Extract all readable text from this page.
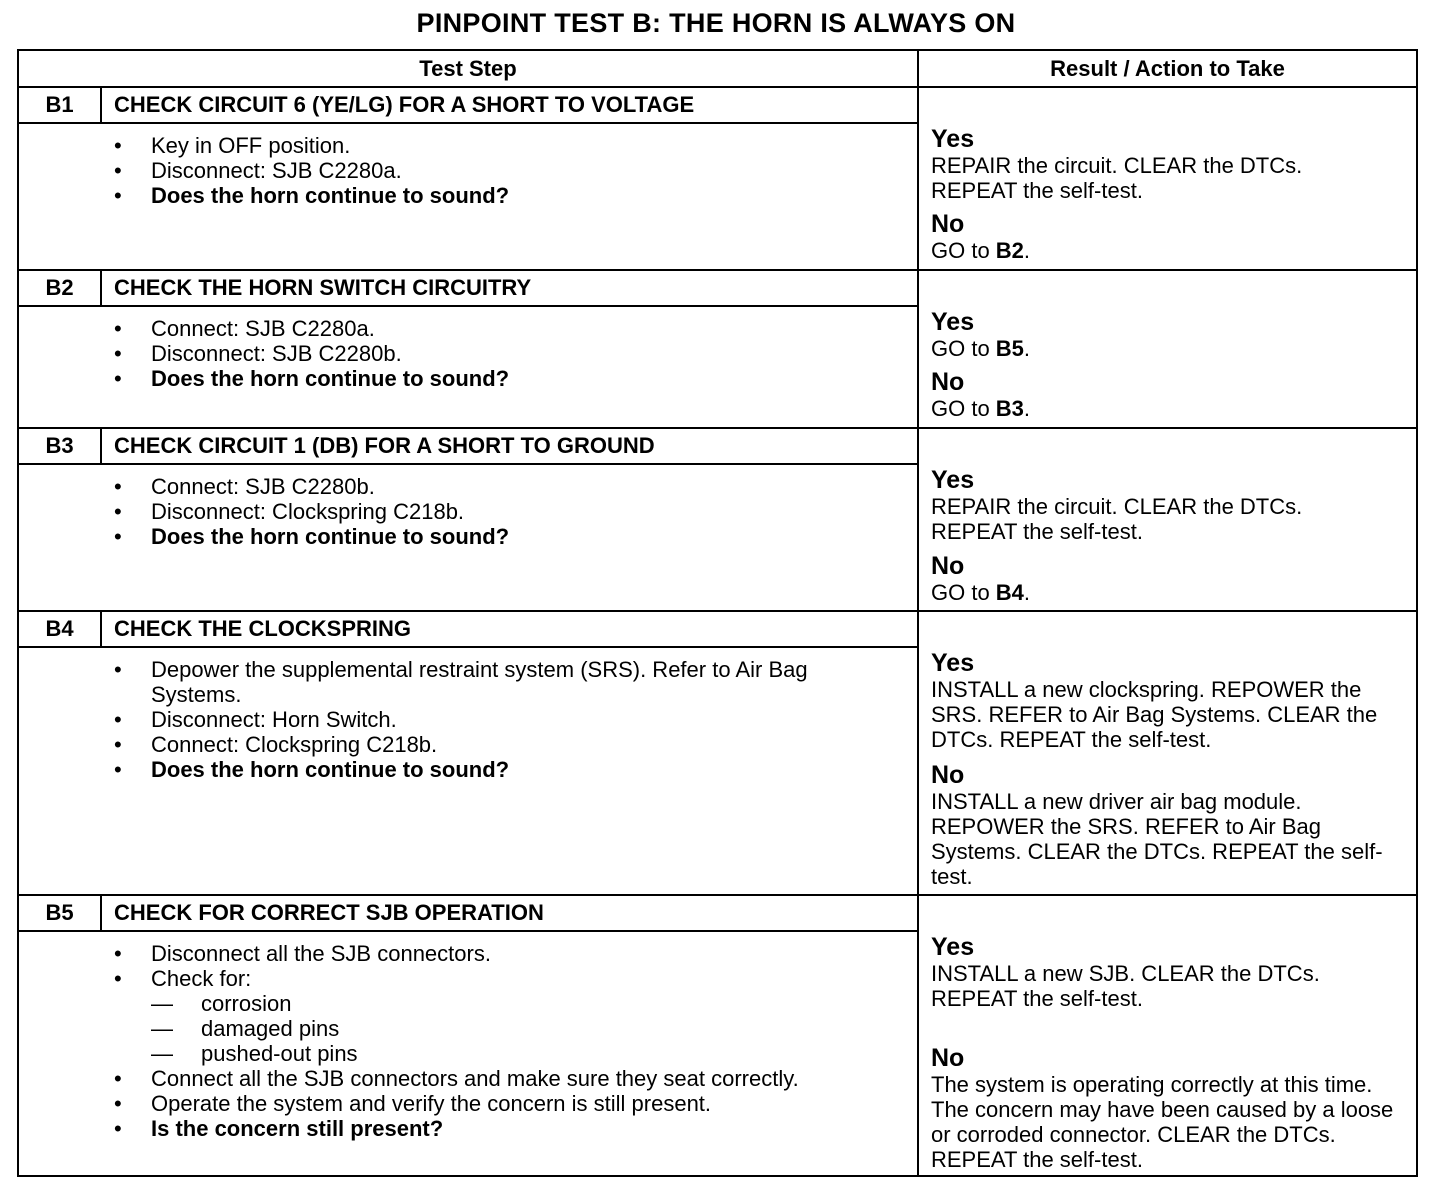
PINPOINT TEST B: THE HORN IS ALWAYS ON
Test Step	Result / Action to Take
B1	CHECK CIRCUIT 6 (YE/LG) FOR A SHORT TO VOLTAGE
• Key in OFF position.
• Disconnect: SJB C2280a.
• Does the horn continue to sound?
Yes
REPAIR the circuit. CLEAR the DTCs. REPEAT the self-test.
No
GO to B2.
B2	CHECK THE HORN SWITCH CIRCUITRY
• Connect: SJB C2280a.
• Disconnect: SJB C2280b.
• Does the horn continue to sound?
Yes
GO to B5.
No
GO to B3.
B3	CHECK CIRCUIT 1 (DB) FOR A SHORT TO GROUND
• Connect: SJB C2280b.
• Disconnect: Clockspring C218b.
• Does the horn continue to sound?
Yes
REPAIR the circuit. CLEAR the DTCs. REPEAT the self-test.
No
GO to B4.
B4	CHECK THE CLOCKSPRING
• Depower the supplemental restraint system (SRS). Refer to Air Bag Systems.
• Disconnect: Horn Switch.
• Connect: Clockspring C218b.
• Does the horn continue to sound?
Yes
INSTALL a new clockspring. REPOWER the SRS. REFER to Air Bag Systems. CLEAR the DTCs. REPEAT the self-test.
No
INSTALL a new driver air bag module. REPOWER the SRS. REFER to Air Bag Systems. CLEAR the DTCs. REPEAT the self-test.
B5	CHECK FOR CORRECT SJB OPERATION
• Disconnect all the SJB connectors.
• Check for:
— corrosion
— damaged pins
— pushed-out pins
• Connect all the SJB connectors and make sure they seat correctly.
• Operate the system and verify the concern is still present.
• Is the concern still present?
Yes
INSTALL a new SJB. CLEAR the DTCs. REPEAT the self-test.
No
The system is operating correctly at this time. The concern may have been caused by a loose or corroded connector. CLEAR the DTCs. REPEAT the self-test.
